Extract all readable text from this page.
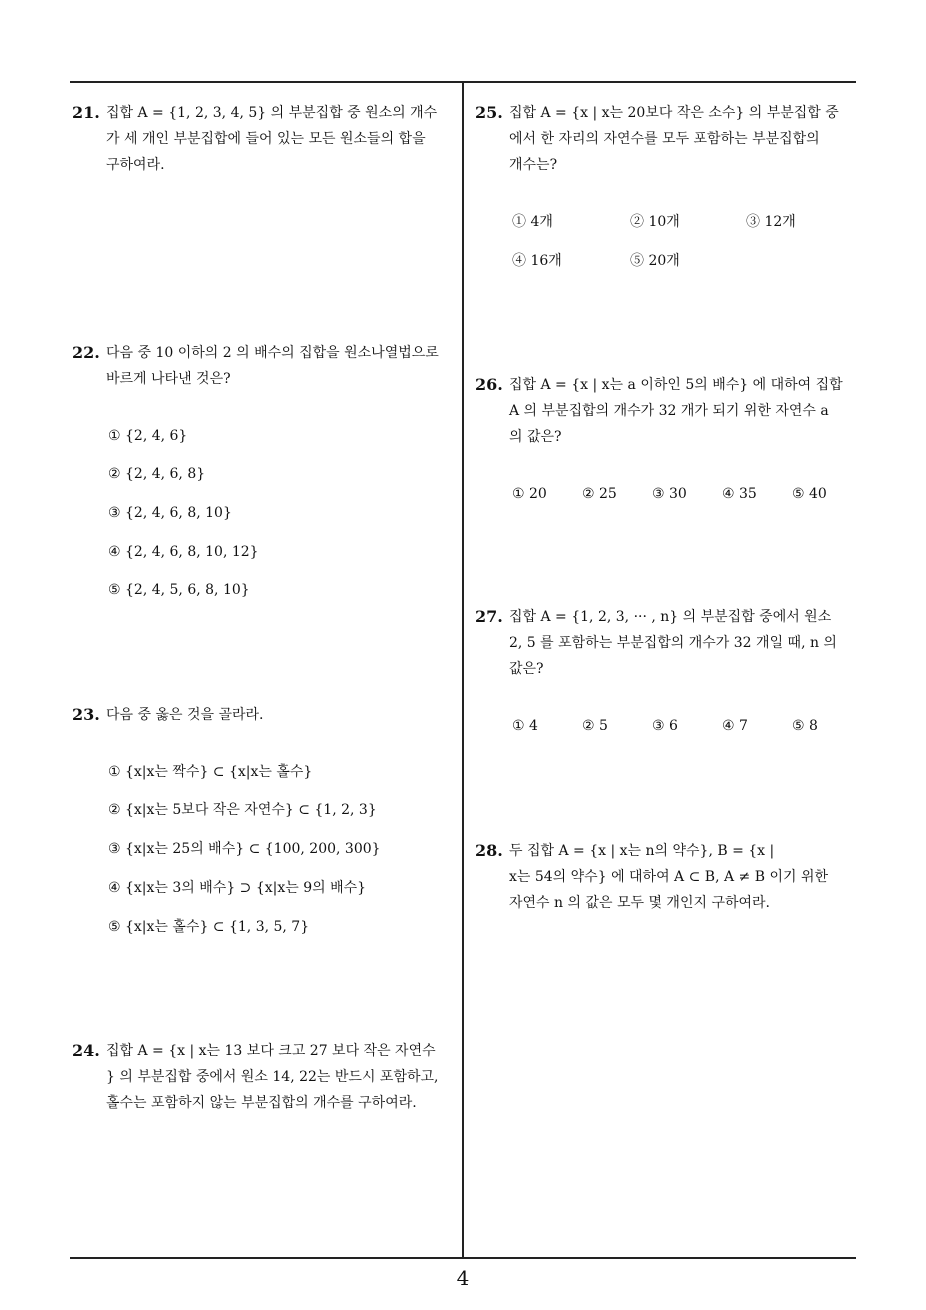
21. 집합 A = {1, 2, 3, 4, 5} 의 부분집합 중 원소의 개수
가 세 개인 부분집합에 들어 있는 모든 원소들의 합을
구하여라.
22. 다음 중 10 이하의 2 의 배수의 집합을 원소나열법으로
바르게 나타낸 것은?
① {2, 4, 6}
② {2, 4, 6, 8}
③ {2, 4, 6, 8, 10}
④ {2, 4, 6, 8, 10, 12}
⑤ {2, 4, 5, 6, 8, 10}
23. 다음 중 옳은 것을 골라라.
① {x|x는 짝수} ⊂ {x|x는 홀수}
② {x|x는 5보다 작은 자연수} ⊂ {1, 2, 3}
③ {x|x는 25의 배수} ⊂ {100, 200, 300}
④ {x|x는 3의 배수} ⊃ {x|x는 9의 배수}
⑤ {x|x는 홀수} ⊂ {1, 3, 5, 7}
24. 집합 A = {x | x는 13 보다 크고 27 보다 작은 자연수
} 의 부분집합 중에서 원소 14, 22는 반드시 포함하고,
홀수는 포함하지 않는 부분집합의 개수를 구하여라.
25. 집합 A = {x | x는 20보다 작은 소수} 의 부분집합 중
에서 한 자리의 자연수를 모두 포함하는 부분집합의
개수는?
① 4개	② 10개	③ 12개
④ 16개	⑤ 20개
26. 집합 A = {x | x는 a 이하인 5의 배수} 에 대하여 집합
A 의 부분집합의 개수가 32 개가 되기 위한 자연수 a
의 값은?
① 20	② 25	③ 30	④ 35	⑤ 40
27. 집합 A = {1, 2, 3, ··· , n} 의 부분집합 중에서 원소
2, 5 를 포함하는 부분집합의 개수가 32 개일 때, n 의
값은?
① 4	② 5	③ 6	④ 7	⑤ 8
28. 두 집합 A = {x | x는 n의 약수}, B = {x |
x는 54의 약수} 에 대하여 A ⊂ B, A ≠ B 이기 위한
자연수 n 의 값은 모두 몇 개인지 구하여라.
4
